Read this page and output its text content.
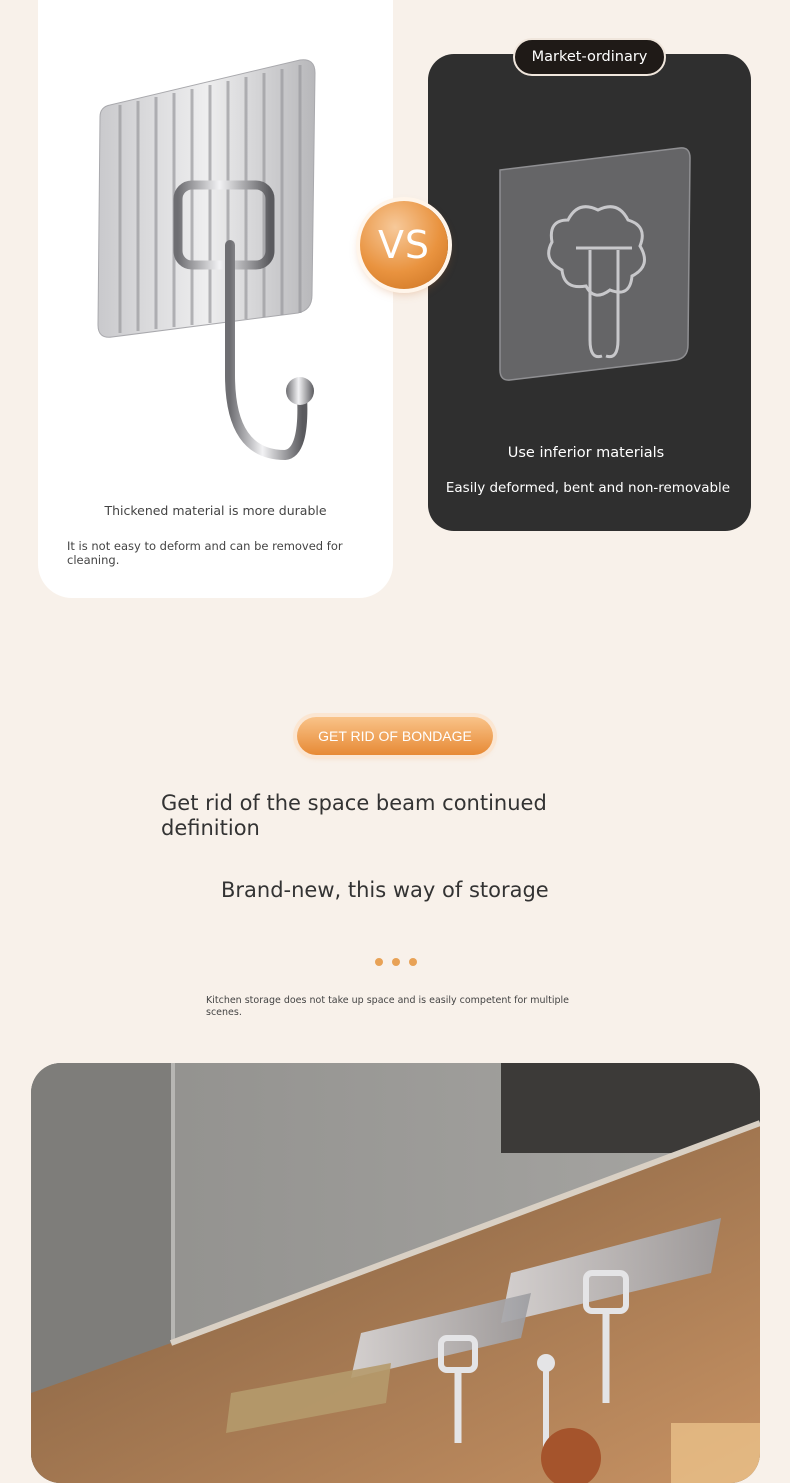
Thickened material is more durable
It is not easy to deform and can be removed for cleaning.
Market-ordinary
Use inferior materials
Easily deformed, bent and non-removable
VS
GET RID OF BONDAGE
Get rid of the space beam continued definition
Brand-new, this way of storage
Kitchen storage does not take up space and is easily competent for multiple scenes.
